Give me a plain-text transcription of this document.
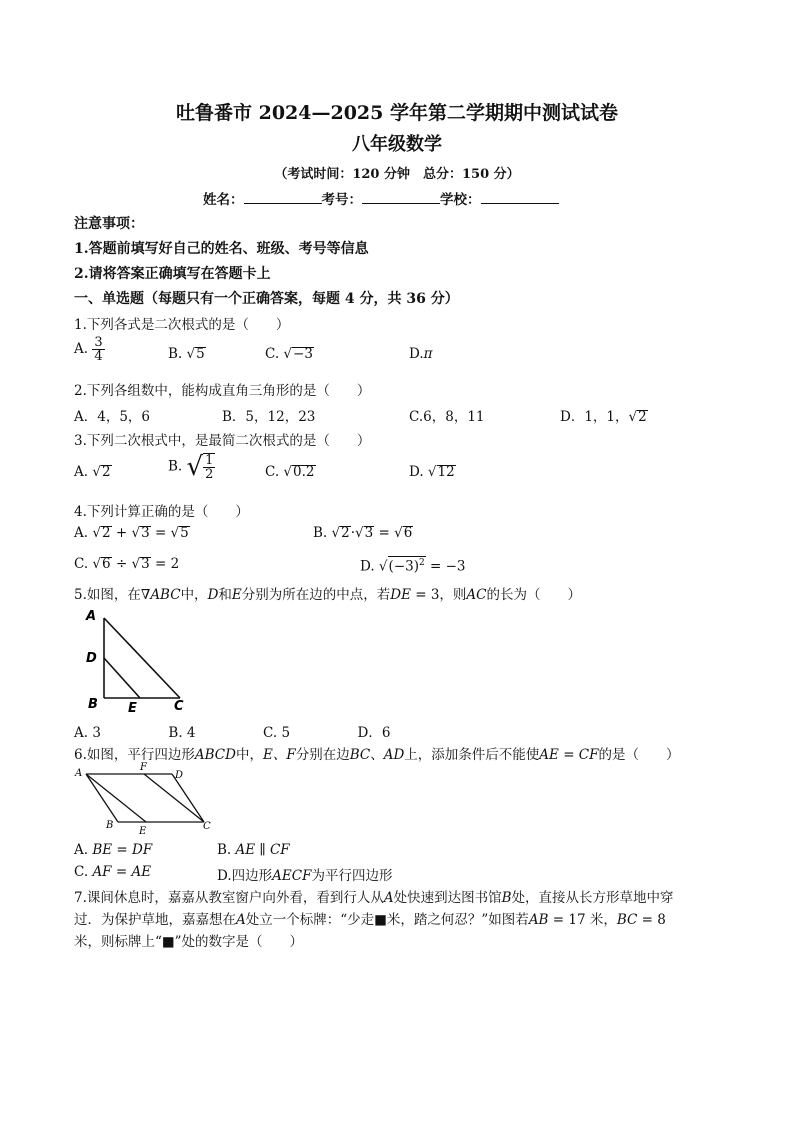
吐鲁番市 2024—2025 学年第二学期期中测试试卷
八年级数学
（考试时间：120 分钟　总分：150 分）
姓名：	考号：	学校：
注意事项：
1.答题前填写好自己的姓名、班级、考号等信息
2.请将答案正确填写在答题卡上
一、单选题（每题只有一个正确答案，每题 4 分，共 36 分）
1.下列各式是二次根式的是（　　）
A. $\frac{3}{4}$	B. √5	C. √−3	D.π
2.下列各组数中，能构成直角三角形的是（　　）
A．4，5，6	B．5，12，23	C.6，8，11	D．1，1，√2
3.下列二次根式中，是最简二次根式的是（　　）
A. √2	B. √ $\frac{1}{2}$	C. √0.2	D. √12
4.下列计算正确的是（　　）
A. √2 + √3 = √5	B. √2·√3 = √6
C. √6 ÷ √3 = 2	D. $√(-3)^2 = -3$
5.如图，在∇ABC中，D和E分别为所在边的中点，若DE = 3，则AC的长为（　　）
A
D
B E	C
A. 3　　　　　B. 4　　　　　C. 5　　　　　D．6
6.如图，平行四边形ABCD中，E、F分别在边BC、AD上，添加条件后不能使AE = CF的是（　　）
A
F
D
B
E	C
A. BE = DF	B. AE ∥ CF
C. AF = AE	D.四边形AECF为平行四边形
7.课间休息时，嘉嘉从教室窗户向外看，看到行人从A处快速到达图书馆B处，直接从长方形草地中穿
过．为保护草地，嘉嘉想在A处立一个标牌：“少走■米，踏之何忍？”如图若AB = 17 米，BC = 8
米，则标牌上“■”处的数字是（　　）
